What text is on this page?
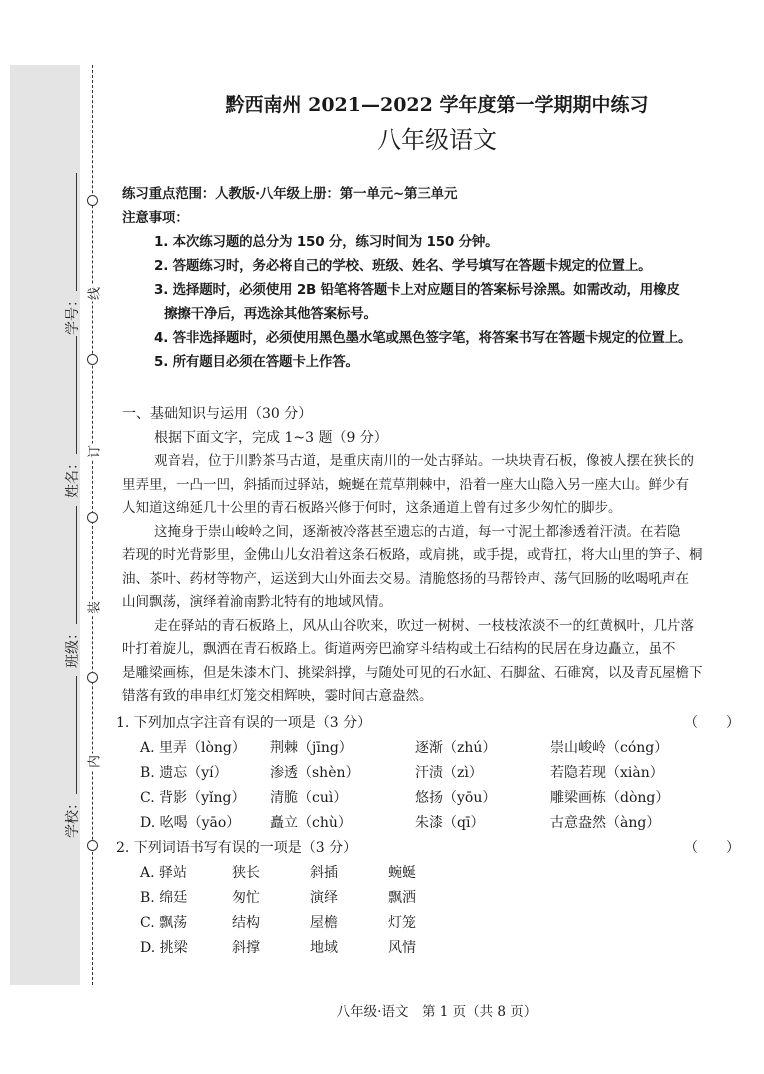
线
订
装
内
学号：
姓名：
班级：
学校：
黔西南州 2021—2022 学年度第一学期期中练习
八年级语文
练习重点范围：人教版·八年级上册：第一单元~第三单元
注意事项：
1. 本次练习题的总分为 150 分，练习时间为 150 分钟。
2. 答题练习时，务必将自己的学校、班级、姓名、学号填写在答题卡规定的位置上。
3. 选择题时，必须使用 2B 铅笔将答题卡上对应题目的答案标号涂黑。如需改动，用橡皮
擦擦干净后，再选涂其他答案标号。
4. 答非选择题时，必须使用黑色墨水笔或黑色签字笔，将答案书写在答题卡规定的位置上。
5. 所有题目必须在答题卡上作答。
一、基础知识与运用（30 分）
根据下面文字，完成 1~3 题（9 分）
观音岩，位于川黔茶马古道，是重庆南川的一处古驿站。一块块青石板，像被人摆在狭长的
里弄里，一凸一凹，斜插而过驿站，蜿蜒在荒草荆棘中，沿着一座大山隐入另一座大山。鲜少有
人知道这绵延几十公里的青石板路兴修于何时，这条通道上曾有过多少匆忙的脚步。
这掩身于崇山峻岭之间，逐渐被冷落甚至遗忘的古道，每一寸泥土都渗透着汗渍。在若隐
若现的时光背影里，金佛山儿女沿着这条石板路，或肩挑，或手提，或背扛，将大山里的笋子、桐
油、茶叶、药材等物产，运送到大山外面去交易。清脆悠扬的马帮铃声、荡气回肠的吆喝吼声在
山间飘荡，演绎着渝南黔北特有的地域风情。
走在驿站的青石板路上，风从山谷吹来，吹过一树树、一枝枝浓淡不一的红黄枫叶，几片落
叶打着旋儿，飘洒在青石板路上。街道两旁巴渝穿斗结构或土石结构的民居在身边矗立，虽不
是雕梁画栋，但是朱漆木门、挑梁斜撑，与随处可见的石水缸、石脚盆、石碓窝，以及青瓦屋檐下
错落有致的串串红灯笼交相辉映，霎时间古意盎然。
1. 下列加点字注音有误的一项是（3 分）	（　　）
A. 里弄（lòng）	荆棘（jīng）	逐渐（zhú）	崇山峻岭（cóng）
B. 遗忘（yí）	渗透（shèn）	汗渍（zì）	若隐若现（xiàn）
C. 背影（yǐng）	清脆（cuì）	悠扬（yōu）	雕梁画栋（dòng）
D. 吆喝（yāo）	矗立（chù）	朱漆（qī）	古意盎然（àng）
2. 下列词语书写有误的一项是（3 分）	（　　）
A. 驿站	狭长	斜插	蜿蜒
B. 绵廷	匆忙	演绎	飘洒
C. 飘荡	结构	屋檐	灯笼
D. 挑梁	斜撑	地域	风情
八年级·语文　第 1 页（共 8 页）
